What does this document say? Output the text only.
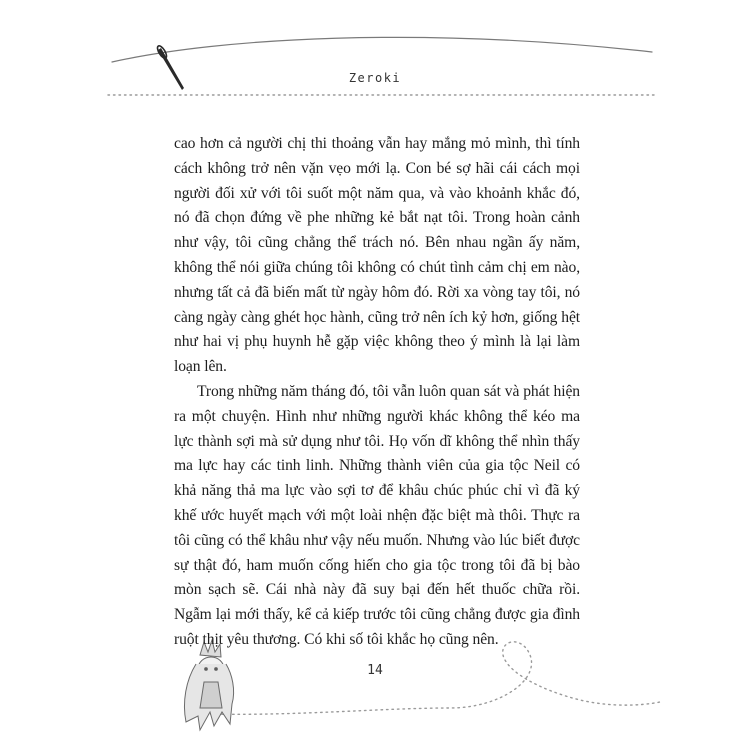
Zeroki

cao hơn cả người chị thi thoảng vẫn hay mắng mỏ mình, thì tính cách không trở nên vặn vẹo mới lạ. Con bé sợ hãi cái cách mọi người đối xử với tôi suốt một năm qua, và vào khoảnh khắc đó, nó đã chọn đứng về phe những kẻ bắt nạt tôi. Trong hoàn cảnh như vậy, tôi cũng chẳng thể trách nó. Bên nhau ngần ấy năm, không thể nói giữa chúng tôi không có chút tình cảm chị em nào, nhưng tất cả đã biến mất từ ngày hôm đó. Rời xa vòng tay tôi, nó càng ngày càng ghét học hành, cũng trở nên ích kỷ hơn, giống hệt như hai vị phụ huynh hễ gặp việc không theo ý mình là lại làm loạn lên.

Trong những năm tháng đó, tôi vẫn luôn quan sát và phát hiện ra một chuyện. Hình như những người khác không thể kéo ma lực thành sợi mà sử dụng như tôi. Họ vốn dĩ không thể nhìn thấy ma lực hay các tinh linh. Những thành viên của gia tộc Neil có khả năng thả ma lực vào sợi tơ để khâu chúc phúc chỉ vì đã ký khế ước huyết mạch với một loài nhện đặc biệt mà thôi. Thực ra tôi cũng có thể khâu như vậy nếu muốn. Nhưng vào lúc biết được sự thật đó, ham muốn cống hiến cho gia tộc trong tôi đã bị bào mòn sạch sẽ. Cái nhà này đã suy bại đến hết thuốc chữa rồi. Ngẫm lại mới thấy, kể cả kiếp trước tôi cũng chẳng được gia đình ruột thịt yêu thương. Có khi số tôi khắc họ cũng nên.

14
